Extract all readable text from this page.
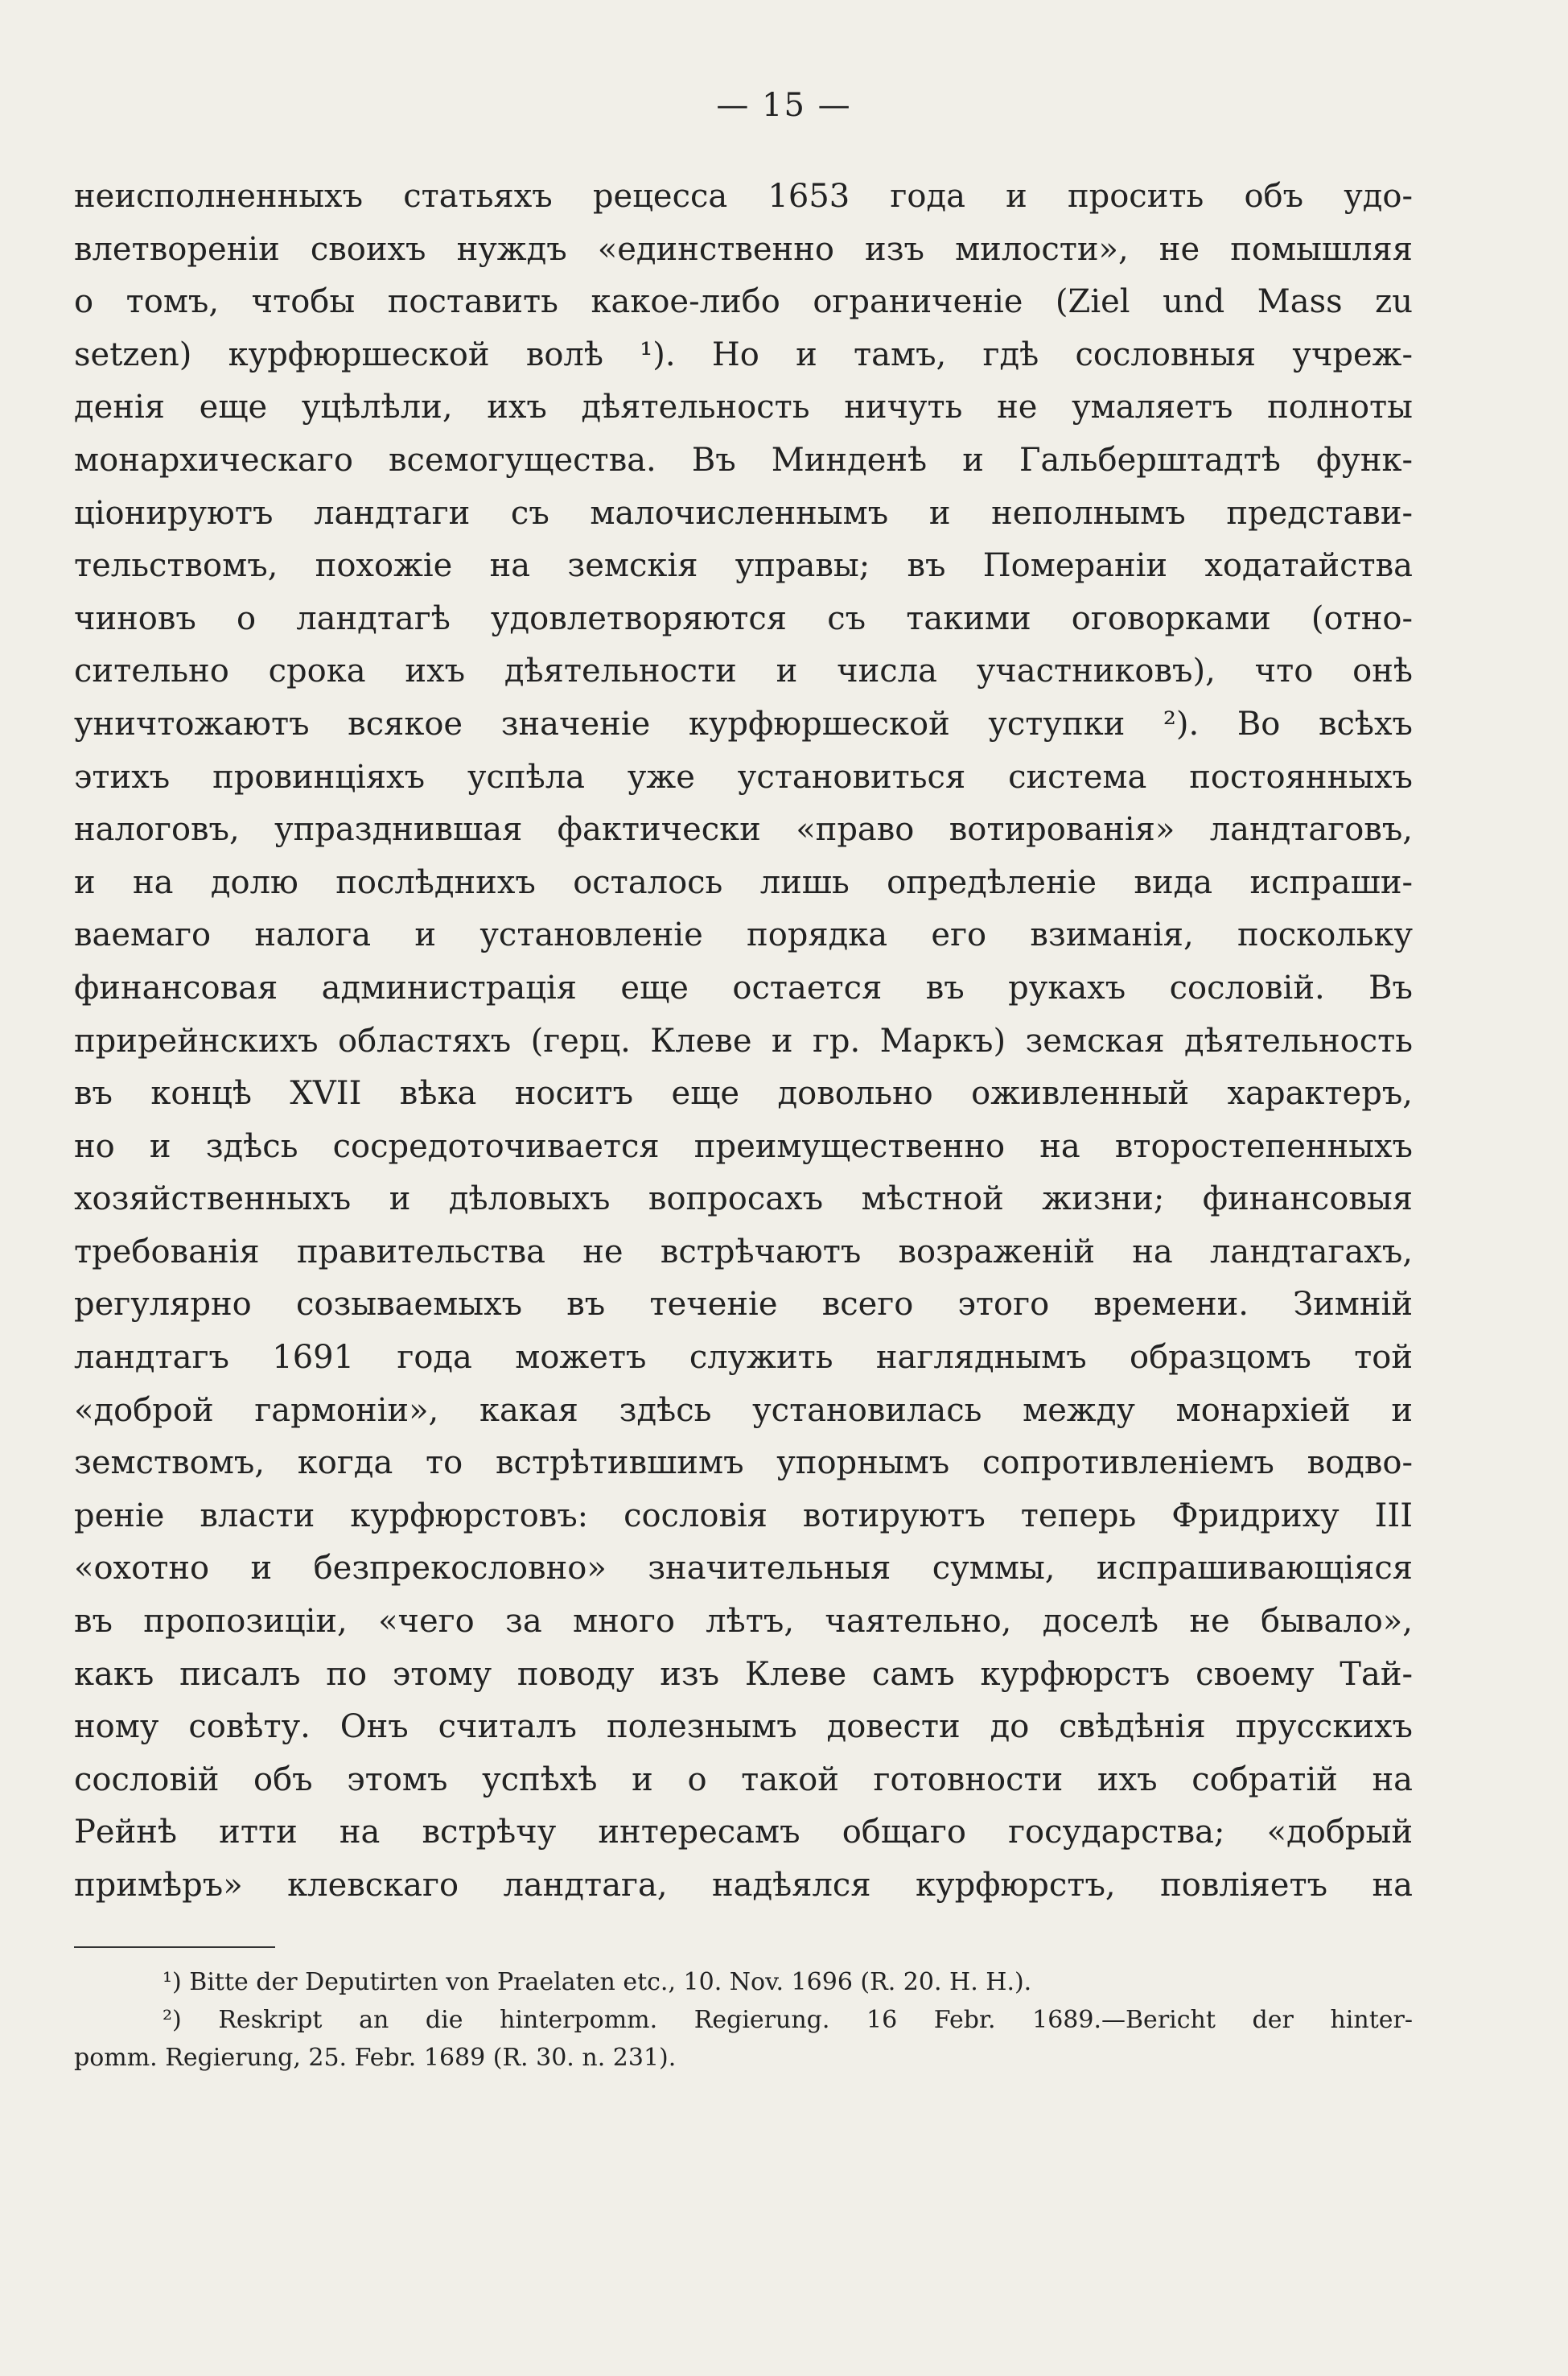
— 15 —
неисполненныхъ статьяхъ рецесса 1653 года и просить объ удо-
влетворенiи своихъ нуждъ «единственно изъ милости», не помышляя
о томъ, чтобы поставить какое-либо ограниченiе (Ziel und Mass zu
setzen) курфюршеской волѣ ¹). Но и тамъ, гдѣ сословныя учреж-
денiя еще уцѣлѣли, ихъ дѣятельность ничуть не умаляетъ полноты
монархическаго всемогущества. Въ Минденѣ и Гальберштадтѣ функ-
цiонируютъ ландтаги съ малочисленнымъ и неполнымъ представи-
тельствомъ, похожiе на земскiя управы; въ Померанiи ходатайства
чиновъ о ландтагѣ удовлетворяются съ такими оговорками (отно-
сительно срока ихъ дѣятельности и числа участниковъ), что онѣ
уничтожаютъ всякое значенiе курфюршеской уступки ²). Во всѣхъ
этихъ провинцiяхъ успѣла уже установиться система постоянныхъ
налоговъ, упразднившая фактически «право вотированiя» ландтаговъ,
и на долю послѣднихъ осталось лишь опредѣленiе вида испраши-
ваемаго налога и установленiе порядка его взиманiя, поскольку
финансовая администрацiя еще остается въ рукахъ сословiй. Въ
прирейнскихъ областяхъ (герц. Клеве и гр. Маркъ) земская дѣятельность
въ концѣ XVII вѣка носитъ еще довольно оживленный характеръ,
но и здѣсь сосредоточивается преимущественно на второстепенныхъ
хозяйственныхъ и дѣловыхъ вопросахъ мѣстной жизни; финансовыя
требованiя правительства не встрѣчаютъ возраженiй на ландтагахъ,
регулярно созываемыхъ въ теченiе всего этого времени. Зимнiй
ландтагъ 1691 года можетъ служить нагляднымъ образцомъ той
«доброй гармонiи», какая здѣсь установилась между монархiей и
земствомъ, когда то встрѣтившимъ упорнымъ сопротивленiемъ водво-
ренiе власти курфюрстовъ: сословiя вотируютъ теперь Фридриху III
«охотно и безпрекословно» значительныя суммы, испрашивающiяся
въ пропозицiи, «чего за много лѣтъ, чаятельно, доселѣ не бывало»,
какъ писалъ по этому поводу изъ Клеве самъ курфюрстъ своему Тай-
ному совѣту. Онъ считалъ полезнымъ довести до свѣдѣнiя прусскихъ
сословiй объ этомъ успѣхѣ и о такой готовности ихъ собратiй на
Рейнѣ итти на встрѣчу интересамъ общаго государства; «добрый
примѣръ» клевскаго ландтага, надѣялся курфюрстъ, повлiяетъ на
¹) Bitte der Deputirten von Praelaten etc., 10. Nov. 1696 (R. 20. H. H.).
²) Reskript an die hinterpomm. Regierung. 16 Febr. 1689.—Bericht der hinter-
pomm. Regierung, 25. Febr. 1689 (R. 30. n. 231).
